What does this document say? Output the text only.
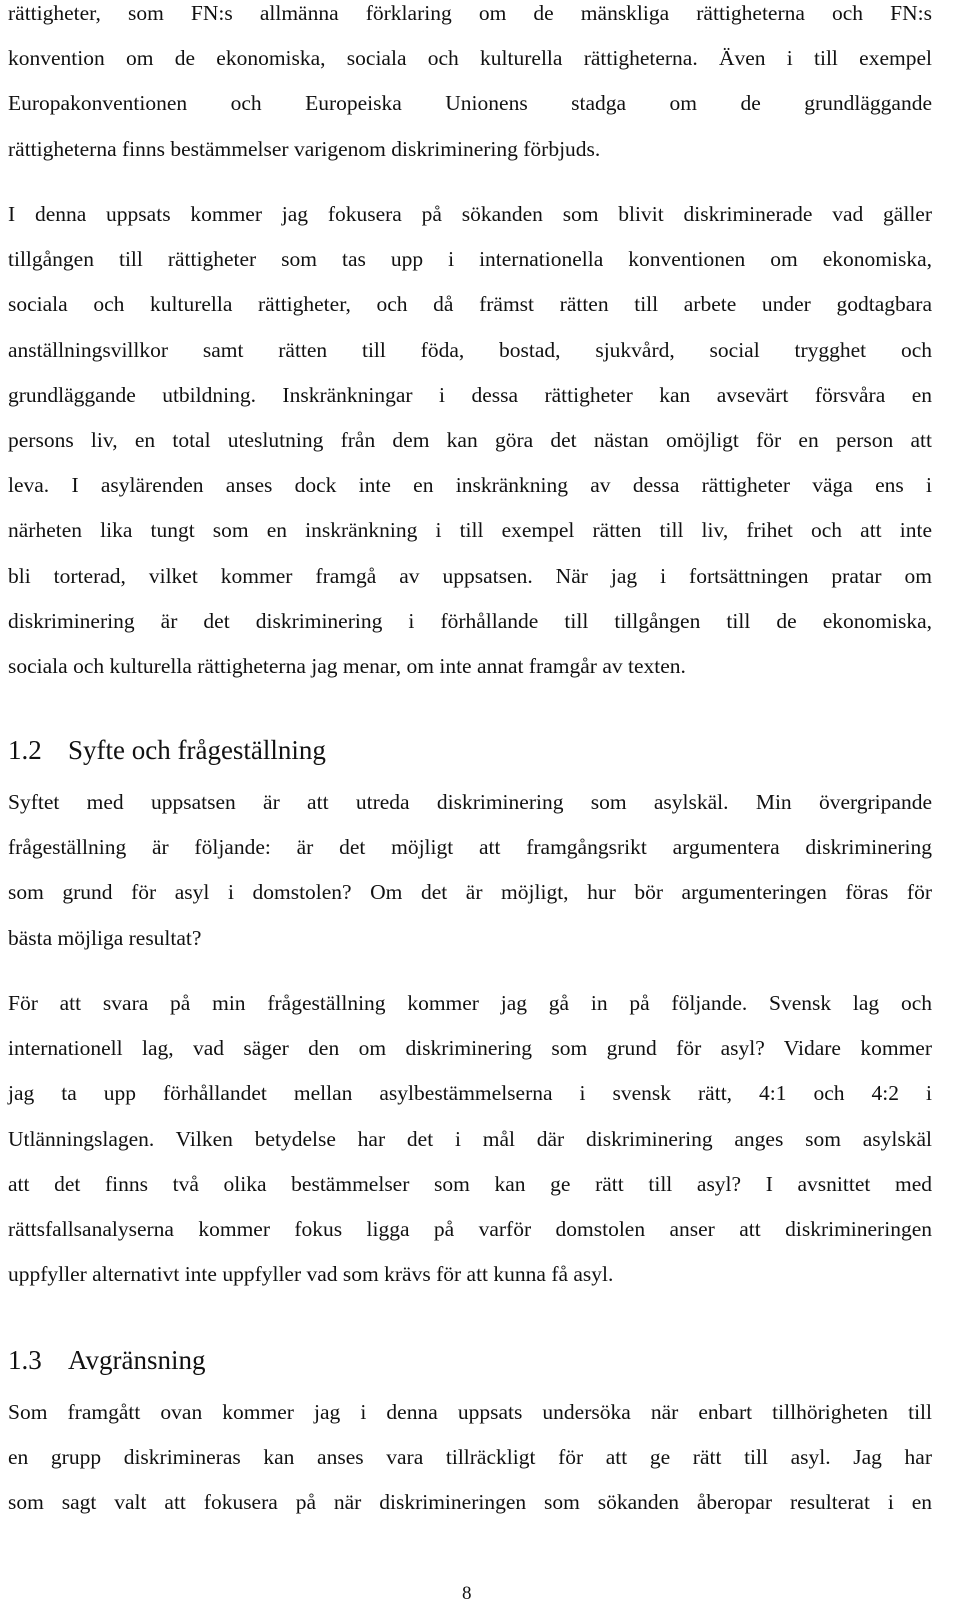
rättigheter, som FN:s allmänna förklaring om de mänskliga rättigheterna och FN:s
konvention om de ekonomiska, sociala och kulturella rättigheterna. Även i till exempel
Europakonventionen och Europeiska Unionens stadga om de grundläggande
rättigheterna finns bestämmelser varigenom diskriminering förbjuds.

I denna uppsats kommer jag fokusera på sökanden som blivit diskriminerade vad gäller
tillgången till rättigheter som tas upp i internationella konventionen om ekonomiska,
sociala och kulturella rättigheter, och då främst rätten till arbete under godtagbara
anställningsvillkor samt rätten till föda, bostad, sjukvård, social trygghet och
grundläggande utbildning. Inskränkningar i dessa rättigheter kan avsevärt försvåra en
persons liv, en total uteslutning från dem kan göra det nästan omöjligt för en person att
leva. I asylärenden anses dock inte en inskränkning av dessa rättigheter väga ens i
närheten lika tungt som en inskränkning i till exempel rätten till liv, frihet och att inte
bli torterad, vilket kommer framgå av uppsatsen. När jag i fortsättningen pratar om
diskriminering är det diskriminering i förhållande till tillgången till de ekonomiska,
sociala och kulturella rättigheterna jag menar, om inte annat framgår av texten.

1.2 Syfte och frågeställning

Syftet med uppsatsen är att utreda diskriminering som asylskäl. Min övergripande
frågeställning är följande: är det möjligt att framgångsrikt argumentera diskriminering
som grund för asyl i domstolen? Om det är möjligt, hur bör argumenteringen föras för
bästa möjliga resultat?

För att svara på min frågeställning kommer jag gå in på följande. Svensk lag och
internationell lag, vad säger den om diskriminering som grund för asyl? Vidare kommer
jag ta upp förhållandet mellan asylbestämmelserna i svensk rätt, 4:1 och 4:2 i
Utlänningslagen. Vilken betydelse har det i mål där diskriminering anges som asylskäl
att det finns två olika bestämmelser som kan ge rätt till asyl? I avsnittet med
rättsfallsanalyserna kommer fokus ligga på varför domstolen anser att diskrimineringen
uppfyller alternativt inte uppfyller vad som krävs för att kunna få asyl.

1.3 Avgränsning

Som framgått ovan kommer jag i denna uppsats undersöka när enbart tillhörigheten till
en grupp diskrimineras kan anses vara tillräckligt för att ge rätt till asyl. Jag har
som sagt valt att fokusera på när diskrimineringen som sökanden åberopar resulterat i en

8
